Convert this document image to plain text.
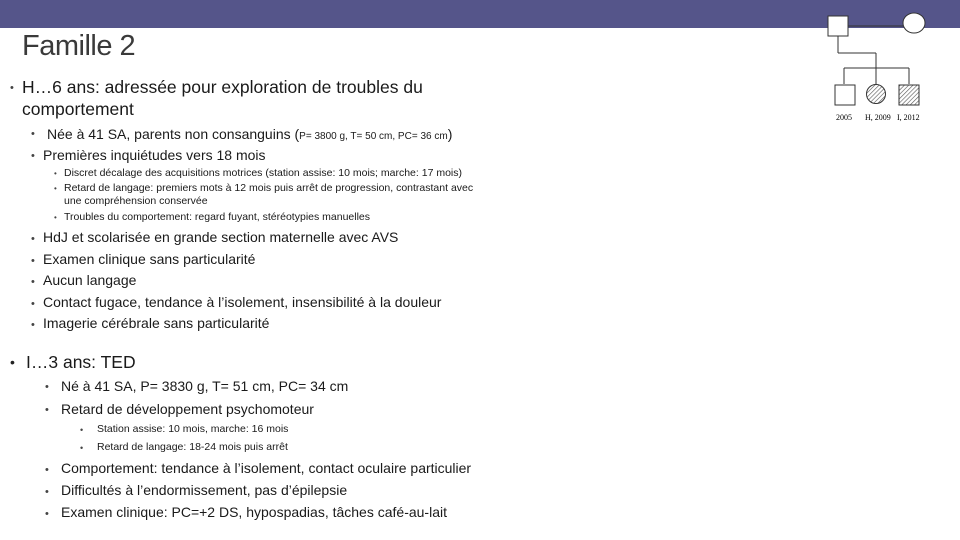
Famille 2
• H…6 ans: adressée pour exploration de troubles du
comportement
• Née à 41 SA, parents non consanguins (P= 3800 g, T= 50 cm, PC= 36 cm)
• Premières inquiétudes vers 18 mois
• Discret décalage des acquisitions motrices (station assise: 10 mois; marche: 17 mois)
• Retard de langage: premiers mots à 12 mois puis arrêt de progression, contrastant avec
une compréhension conservée
• Troubles du comportement: regard fuyant, stéréotypies manuelles
• HdJ et scolarisée en grande section maternelle avec AVS
• Examen clinique sans particularité
• Aucun langage
• Contact fugace, tendance à l’isolement, insensibilité à la douleur
• Imagerie cérébrale sans particularité
• I…3 ans: TED
• Né à 41 SA, P= 3830 g, T= 51 cm, PC= 34 cm
• Retard de développement psychomoteur
• Station assise: 10 mois, marche: 16 mois
• Retard de langage: 18-24 mois puis arrêt
• Comportement: tendance à l’isolement, contact oculaire particulier
• Difficultés à l’endormissement, pas d’épilepsie
• Examen clinique: PC=+2 DS, hypospadias, tâches café-au-lait
2005 H, 2009 I, 2012
